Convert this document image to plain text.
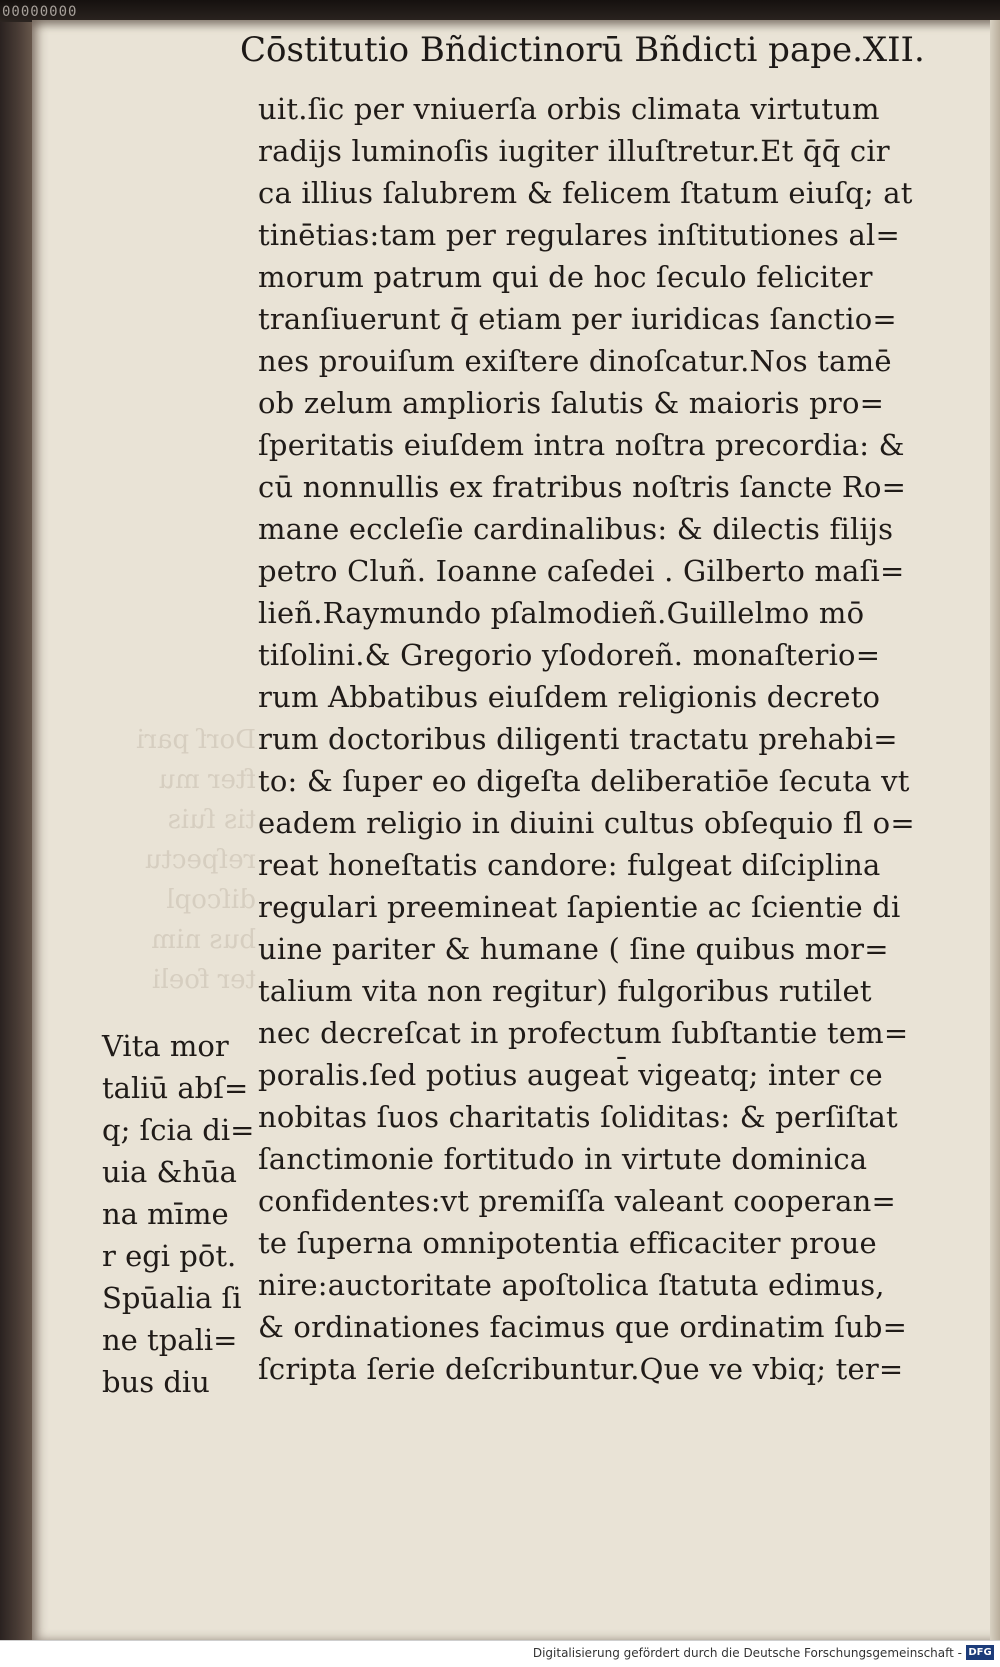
00000000
Dorſ pari
fter mu
tis ſuis
reſpectu
diſcopl
bus nim
ter foeli
Cōstitutio Bñdictinorū Bñdicti pape.XII.
uit.ſic per vniuerſa orbis climata virtutum
radijs luminoſis iugiter illuſtretur.Et q̄q̄ cir
ca illius ſalubrem & felicem ſtatum eiuſq; at
tinētias:tam per regulares inſtitutiones al=
morum patrum qui de hoc ſeculo feliciter
tranſiuerunt q̄ etiam per iuridicas ſanctio=
nes prouiſum exiſtere dinoſcatur.Nos tamē
ob zelum amplioris ſalutis & maioris pro=
ſperitatis eiuſdem intra noſtra precordia: &
cū nonnullis ex fratribus noſtris ſancte Ro=
mane eccleſie cardinalibus: & dilectis filijs
petro Cluñ. Ioanne caſedei . Gilberto maſi=
lieñ.Raymundo pſalmodieñ.Guillelmo mō
tiſolini.& Gregorio yſodoreñ. monaſterio=
rum Abbatibus eiuſdem religionis decreto
rum doctoribus diligenti tractatu prehabi=
to: & ſuper eo digeſta deliberatiōe ſecuta vt
eadem religio in diuini cultus obſequio fl o=
reat honeſtatis candore: fulgeat diſciplina
regulari preemineat ſapientie ac ſcientie di
uine pariter & humane ( ſine quibus mor=
talium vita non regitur) fulgoribus rutilet
nec decreſcat in profectum ſubſtantie tem=
poralis.ſed potius augeat̄ vigeatq; inter ce
nobitas ſuos charitatis ſoliditas: & perſiſtat
ſanctimonie fortitudo in virtute dominica
confidentes:vt premiſſa valeant cooperan=
te ſuperna omnipotentia efficaciter proue
nire:auctoritate apoſtolica ſtatuta edimus,
& ordinationes facimus que ordinatim ſub=
ſcripta ſerie deſcribuntur.Que ve vbiq; ter=
Vita mor
taliū abſ=
q; ſcia di=
uia &hūa
na mīme
r egi pōt.
Spūalia ſi
ne tpali=
bus diu
Digitalisierung gefördert durch die Deutsche Forschungsgemeinschaft - DFG
